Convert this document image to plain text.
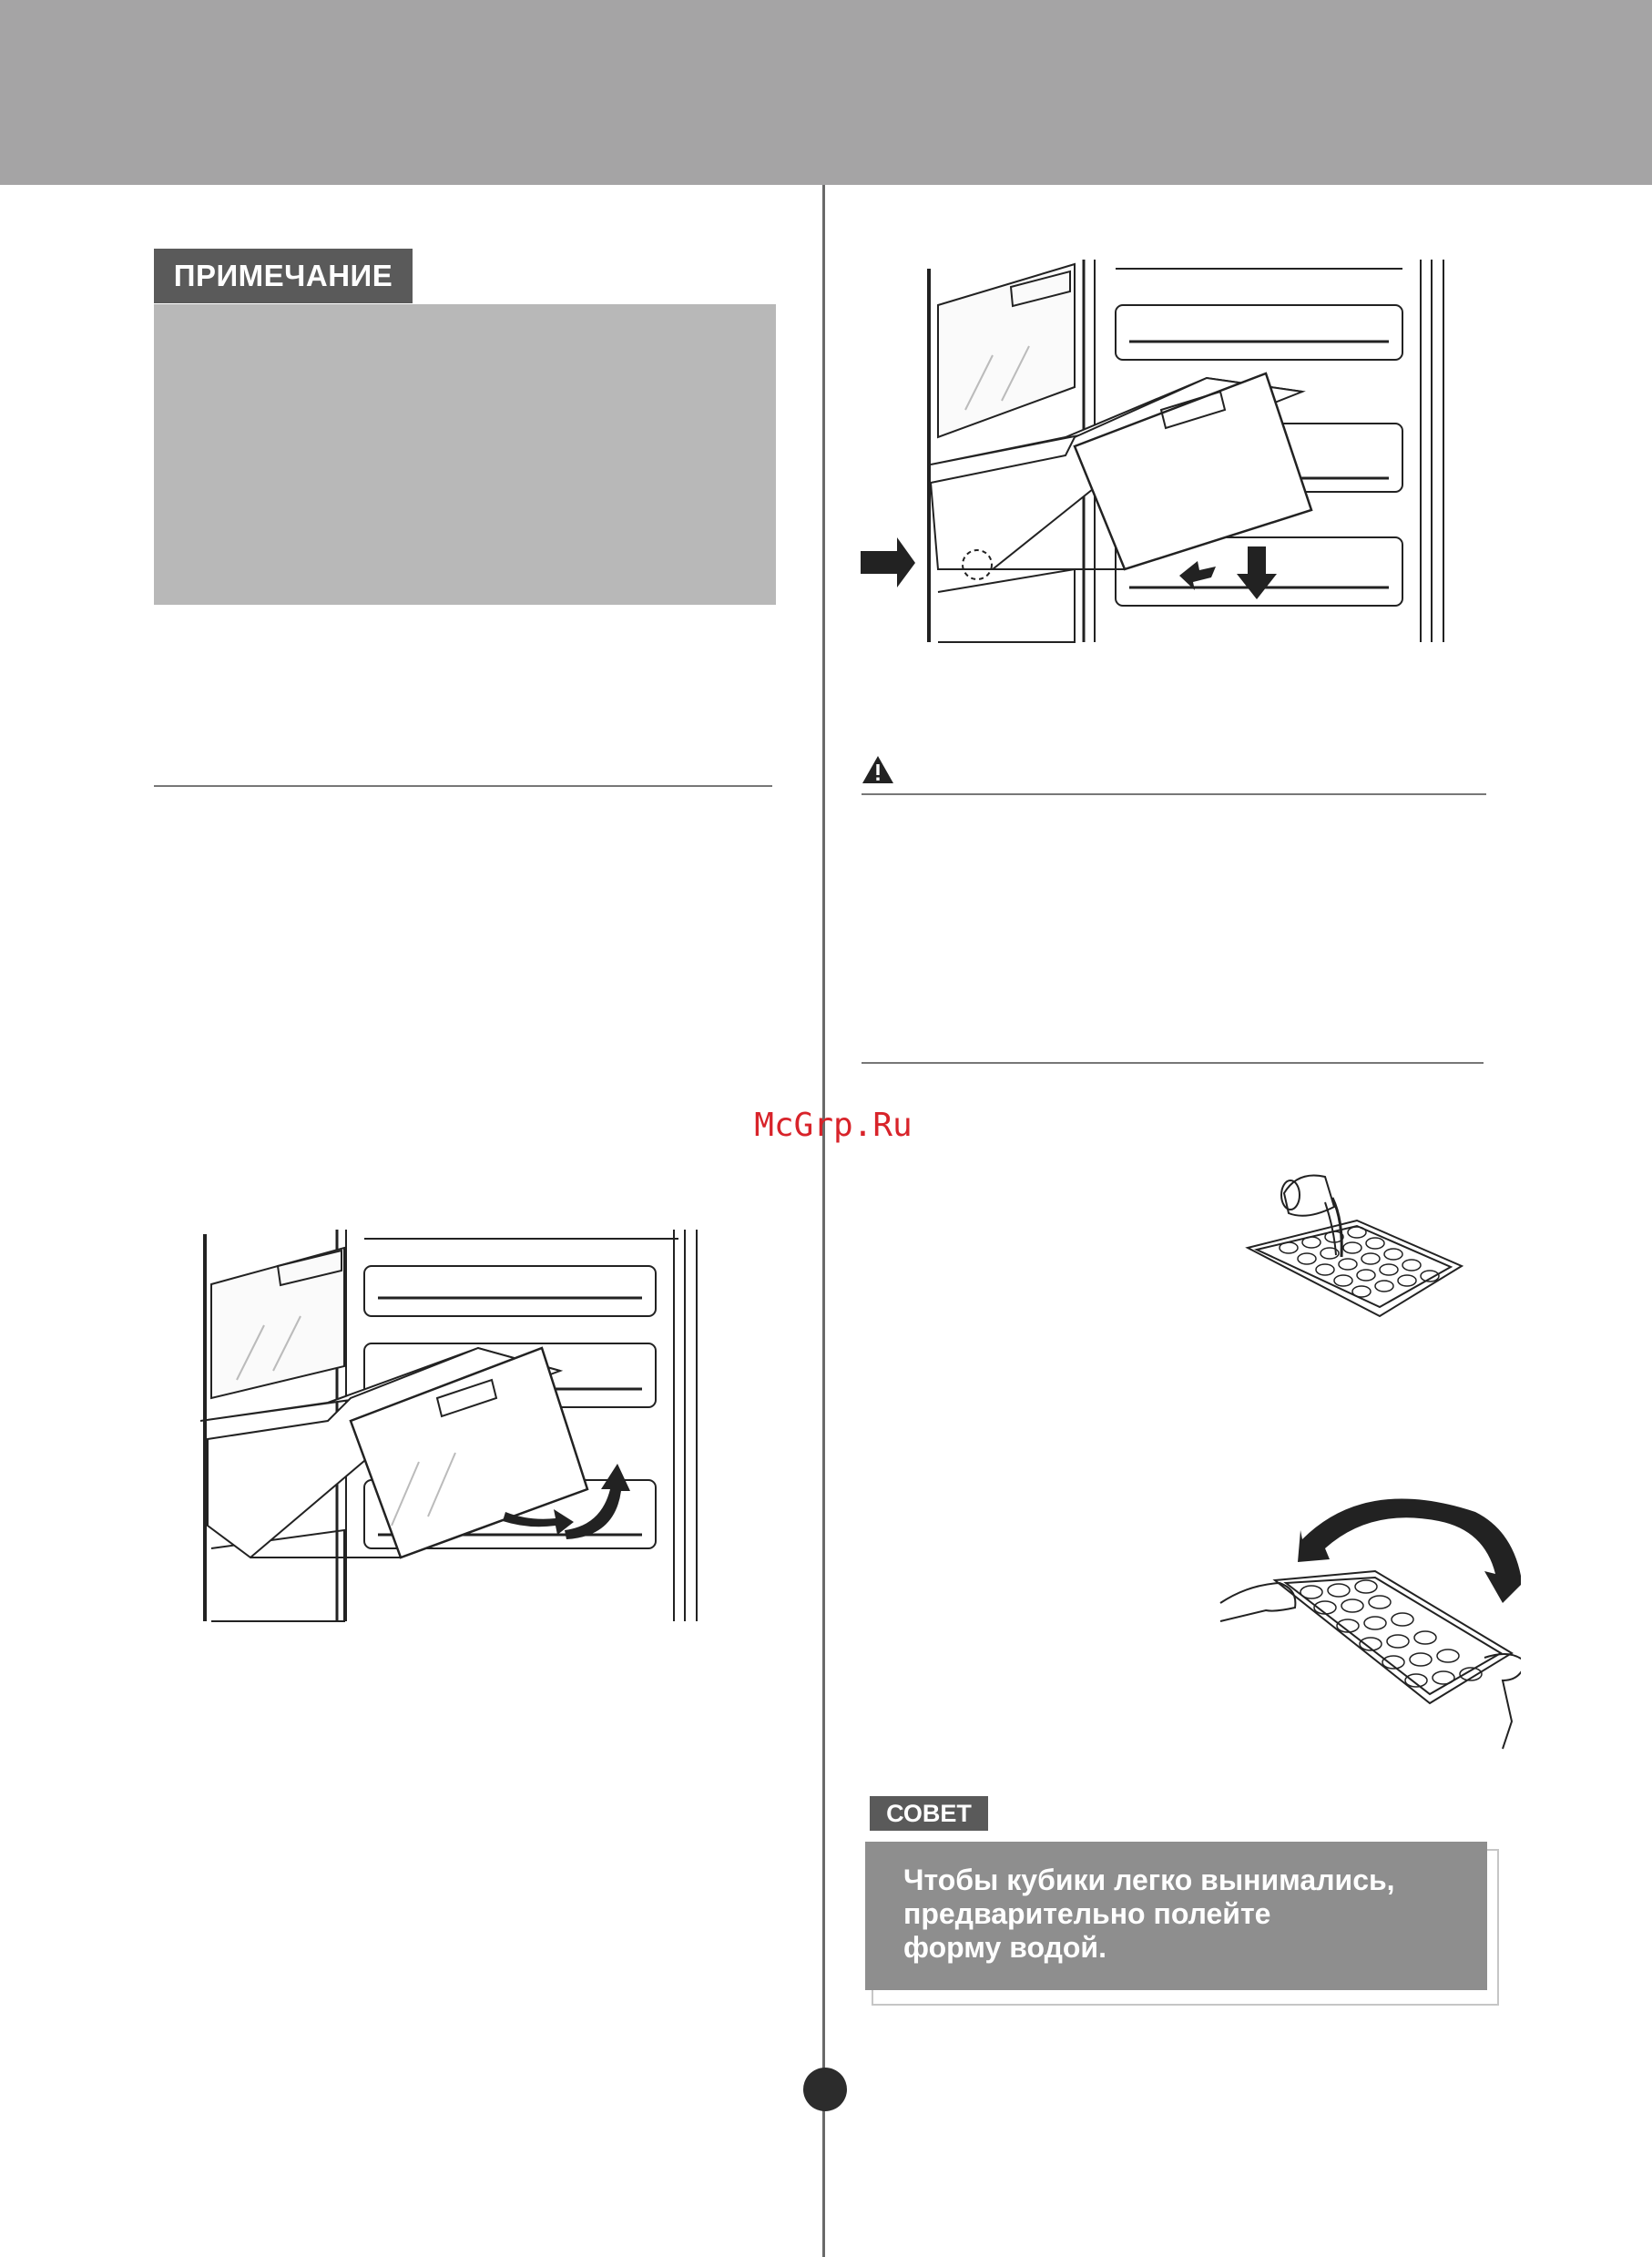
ПРИМЕЧАНИЕ
McGrp.Ru
СОВЕТ
Чтобы кубики легко вынимались,
предварительно полейте
форму водой.
